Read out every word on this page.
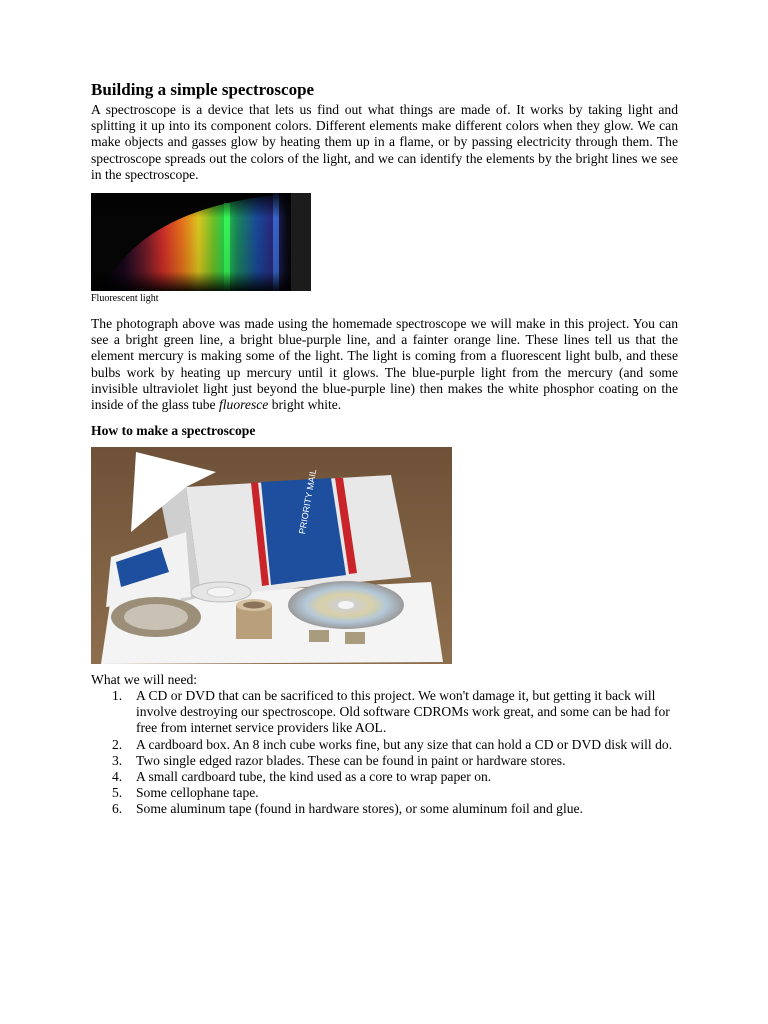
Building a simple spectroscope

A spectroscope is a device that lets us find out what things are made of. It works by taking light and splitting it up into its component colors. Different elements make different colors when they glow. We can make objects and gasses glow by heating them up in a flame, or by passing electricity through them. The spectroscope spreads out the colors of the light, and we can identify the elements by the bright lines we see in the spectroscope.

Fluorescent light

The photograph above was made using the homemade spectroscope we will make in this project. You can see a bright green line, a bright blue-purple line, and a fainter orange line. These lines tell us that the element mercury is making some of the light. The light is coming from a fluorescent light bulb, and these bulbs work by heating up mercury until it glows. The blue-purple light from the mercury (and some invisible ultraviolet light just beyond the blue-purple line) then makes the white phosphor coating on the inside of the glass tube fluoresce bright white.

How to make a spectroscope
PRIORITY MAIL

What we will need:

1. A CD or DVD that can be sacrificed to this project. We won't damage it, but getting it back will involve destroying our spectroscope. Old software CDROMs work great, and some can be had for free from internet service providers like AOL.
2. A cardboard box. An 8 inch cube works fine, but any size that can hold a CD or DVD disk will do.
3. Two single edged razor blades. These can be found in paint or hardware stores.
4. A small cardboard tube, the kind used as a core to wrap paper on.
5. Some cellophane tape.
6. Some aluminum tape (found in hardware stores), or some aluminum foil and glue.
